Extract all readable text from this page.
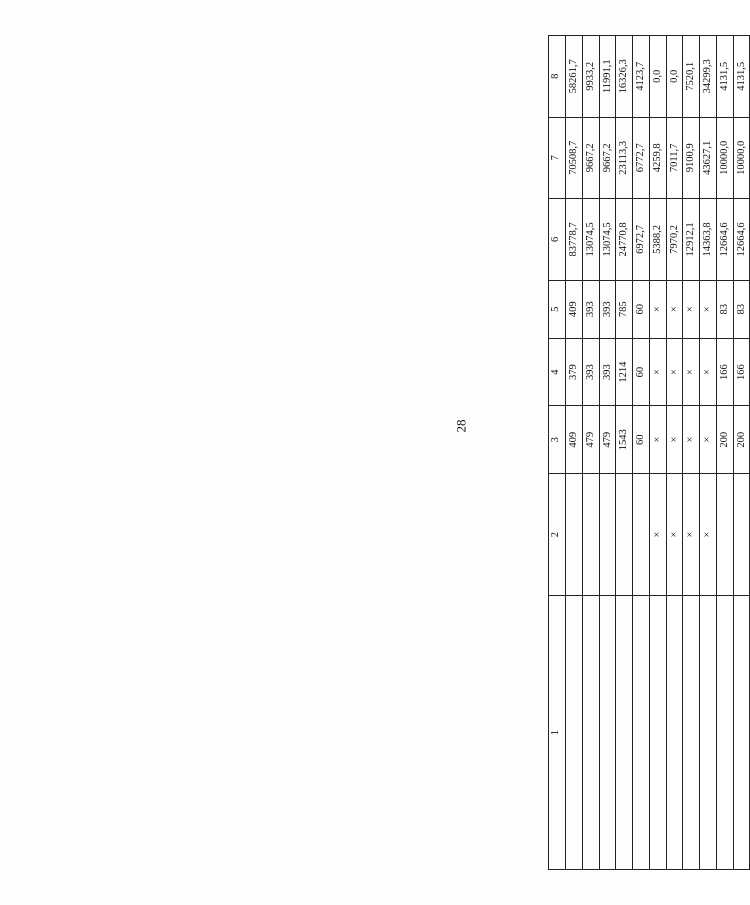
28
1	2	3	4	5	6	7	8
		409	379	409	83778,7	70508,7	58261,7
		479	393	393	13074,5	9667,2	9933,2
		479	393	393	13074,5	9667,2	11991,1
		1543	1214	785	24770,8	23113,3	16326,3
		60	60	60	6972,7	6772,7	4123,7
	×	×	×	×	5388,2	4259,8	0,0
	×	×	×	×	7970,2	7011,7	0,0
	×	×	×	×	12912,1	9100,9	7520,1
	×	×	×	×	14363,8	43627,1	34299,3
		200	166	83	12664,6	10000,0	4131,5
		200	166	83	12664,6	10000,0	4131,5
